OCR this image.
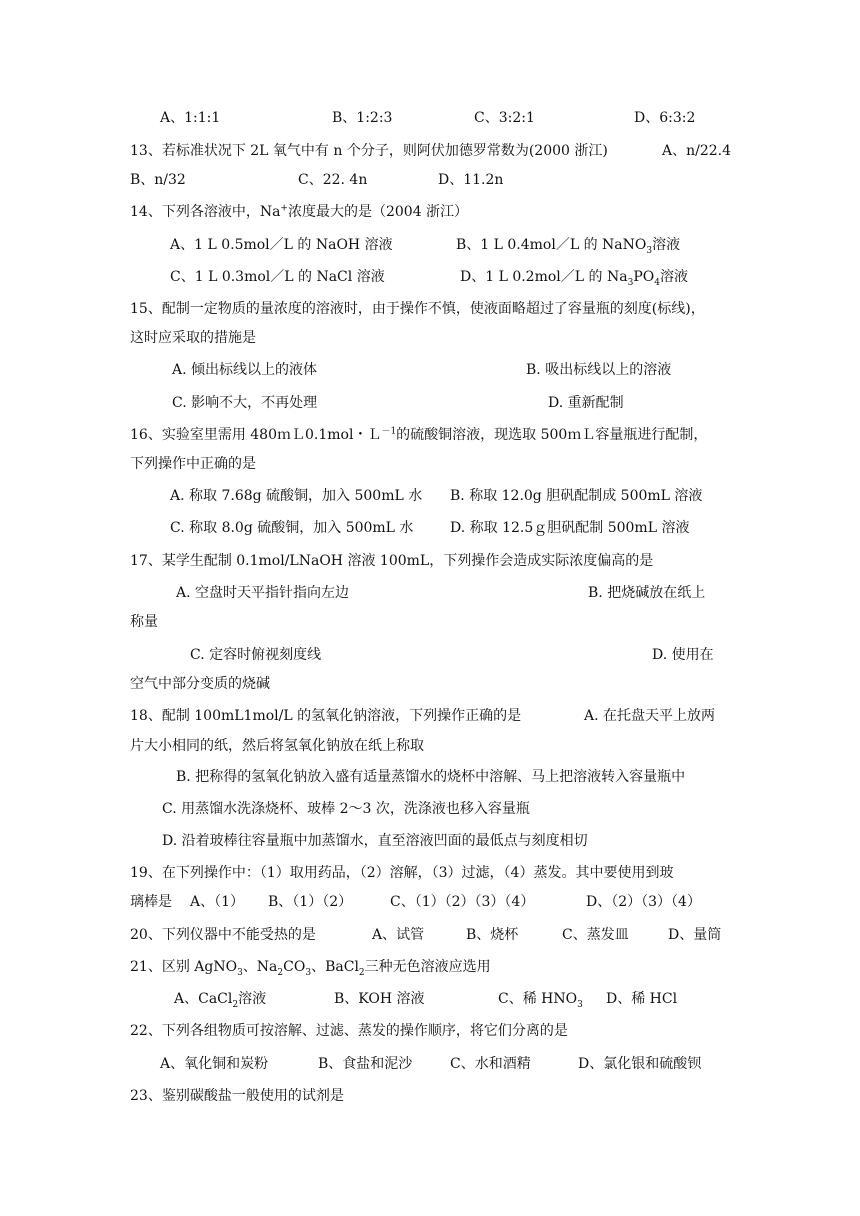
A、1:1:1	B、1:2:3	C、3:2:1	D、6:3:2
13、若标准状况下 2L 氧气中有 n 个分子，则阿伏加德罗常数为(2000 浙江)	A、n/22.4
B、n/32	C、22. 4n	D、11.2n
14、下列各溶液中，Na+浓度最大的是（2004 浙江）
A、1 L 0.5mol／L 的 NaOH 溶液	B、1 L 0.4mol／L 的 NaNO$_3$溶液
C、1 L 0.3mol／L 的 NaCl 溶液	D、1 L 0.2mol／L 的 $Na_3PO_4$溶液
15、配制一定物质的量浓度的溶液时，由于操作不慎，使液面略超过了容量瓶的刻度(标线)，
这时应采取的措施是
A. 倾出标线以上的液体	B. 吸出标线以上的溶液
C. 影响不大，不再处理	D. 重新配制
16、实验室里需用 480ｍＬ0.1mol・Ｌ$^{-1}$的硫酸铜溶液，现选取 500ｍＬ容量瓶进行配制，
下列操作中正确的是
A. 称取 7.68g 硫酸铜，加入 500mL 水 B. 称取 12.0g 胆矾配制成 500mL 溶液
C. 称取 8.0g 硫酸铜，加入 500mL 水	D. 称取 12.5ｇ胆矾配制 500mL 溶液
17、某学生配制 0.1mol/LNaOH 溶液 100mL，下列操作会造成实际浓度偏高的是
A. 空盘时天平指针指向左边	B. 把烧碱放在纸上
称量
C. 定容时俯视刻度线	D. 使用在
空气中部分变质的烧碱
18、配制 100mL1mol/L 的氢氧化钠溶液，下列操作正确的是	A. 在托盘天平上放两
片大小相同的纸，然后将氢氧化钠放在纸上称取
B. 把称得的氢氧化钠放入盛有适量蒸馏水的烧杯中溶解、马上把溶液转入容量瓶中
C. 用蒸馏水洗涤烧杯、玻棒 2～3 次，洗涤液也移入容量瓶
D. 沿着玻棒往容量瓶中加蒸馏水，直至溶液凹面的最低点与刻度相切
19、在下列操作中：（1）取用药品，（2）溶解，（3）过滤，（4）蒸发。其中要使用到玻
璃棒是 A、（1） B、（1）（2）	C、（1）（2）（3）（4）	D、（2）（3）（4）
20、下列仪器中不能受热的是	A、试管	B、烧杯	C、蒸发皿	D、量筒
21、区别 AgNO$_3$、$Na_2CO_3$、BaCl$_2$三种无色溶液应选用
A、CaCl$_2$溶液	B、KOH 溶液	C、稀 $HNO_3$ D、稀 HCl
22、下列各组物质可按溶解、过滤、蒸发的操作顺序，将它们分离的是
A、氧化铜和炭粉	B、食盐和泥沙	C、水和酒精	D、氯化银和硫酸钡
23、鉴别碳酸盐一般使用的试剂是
